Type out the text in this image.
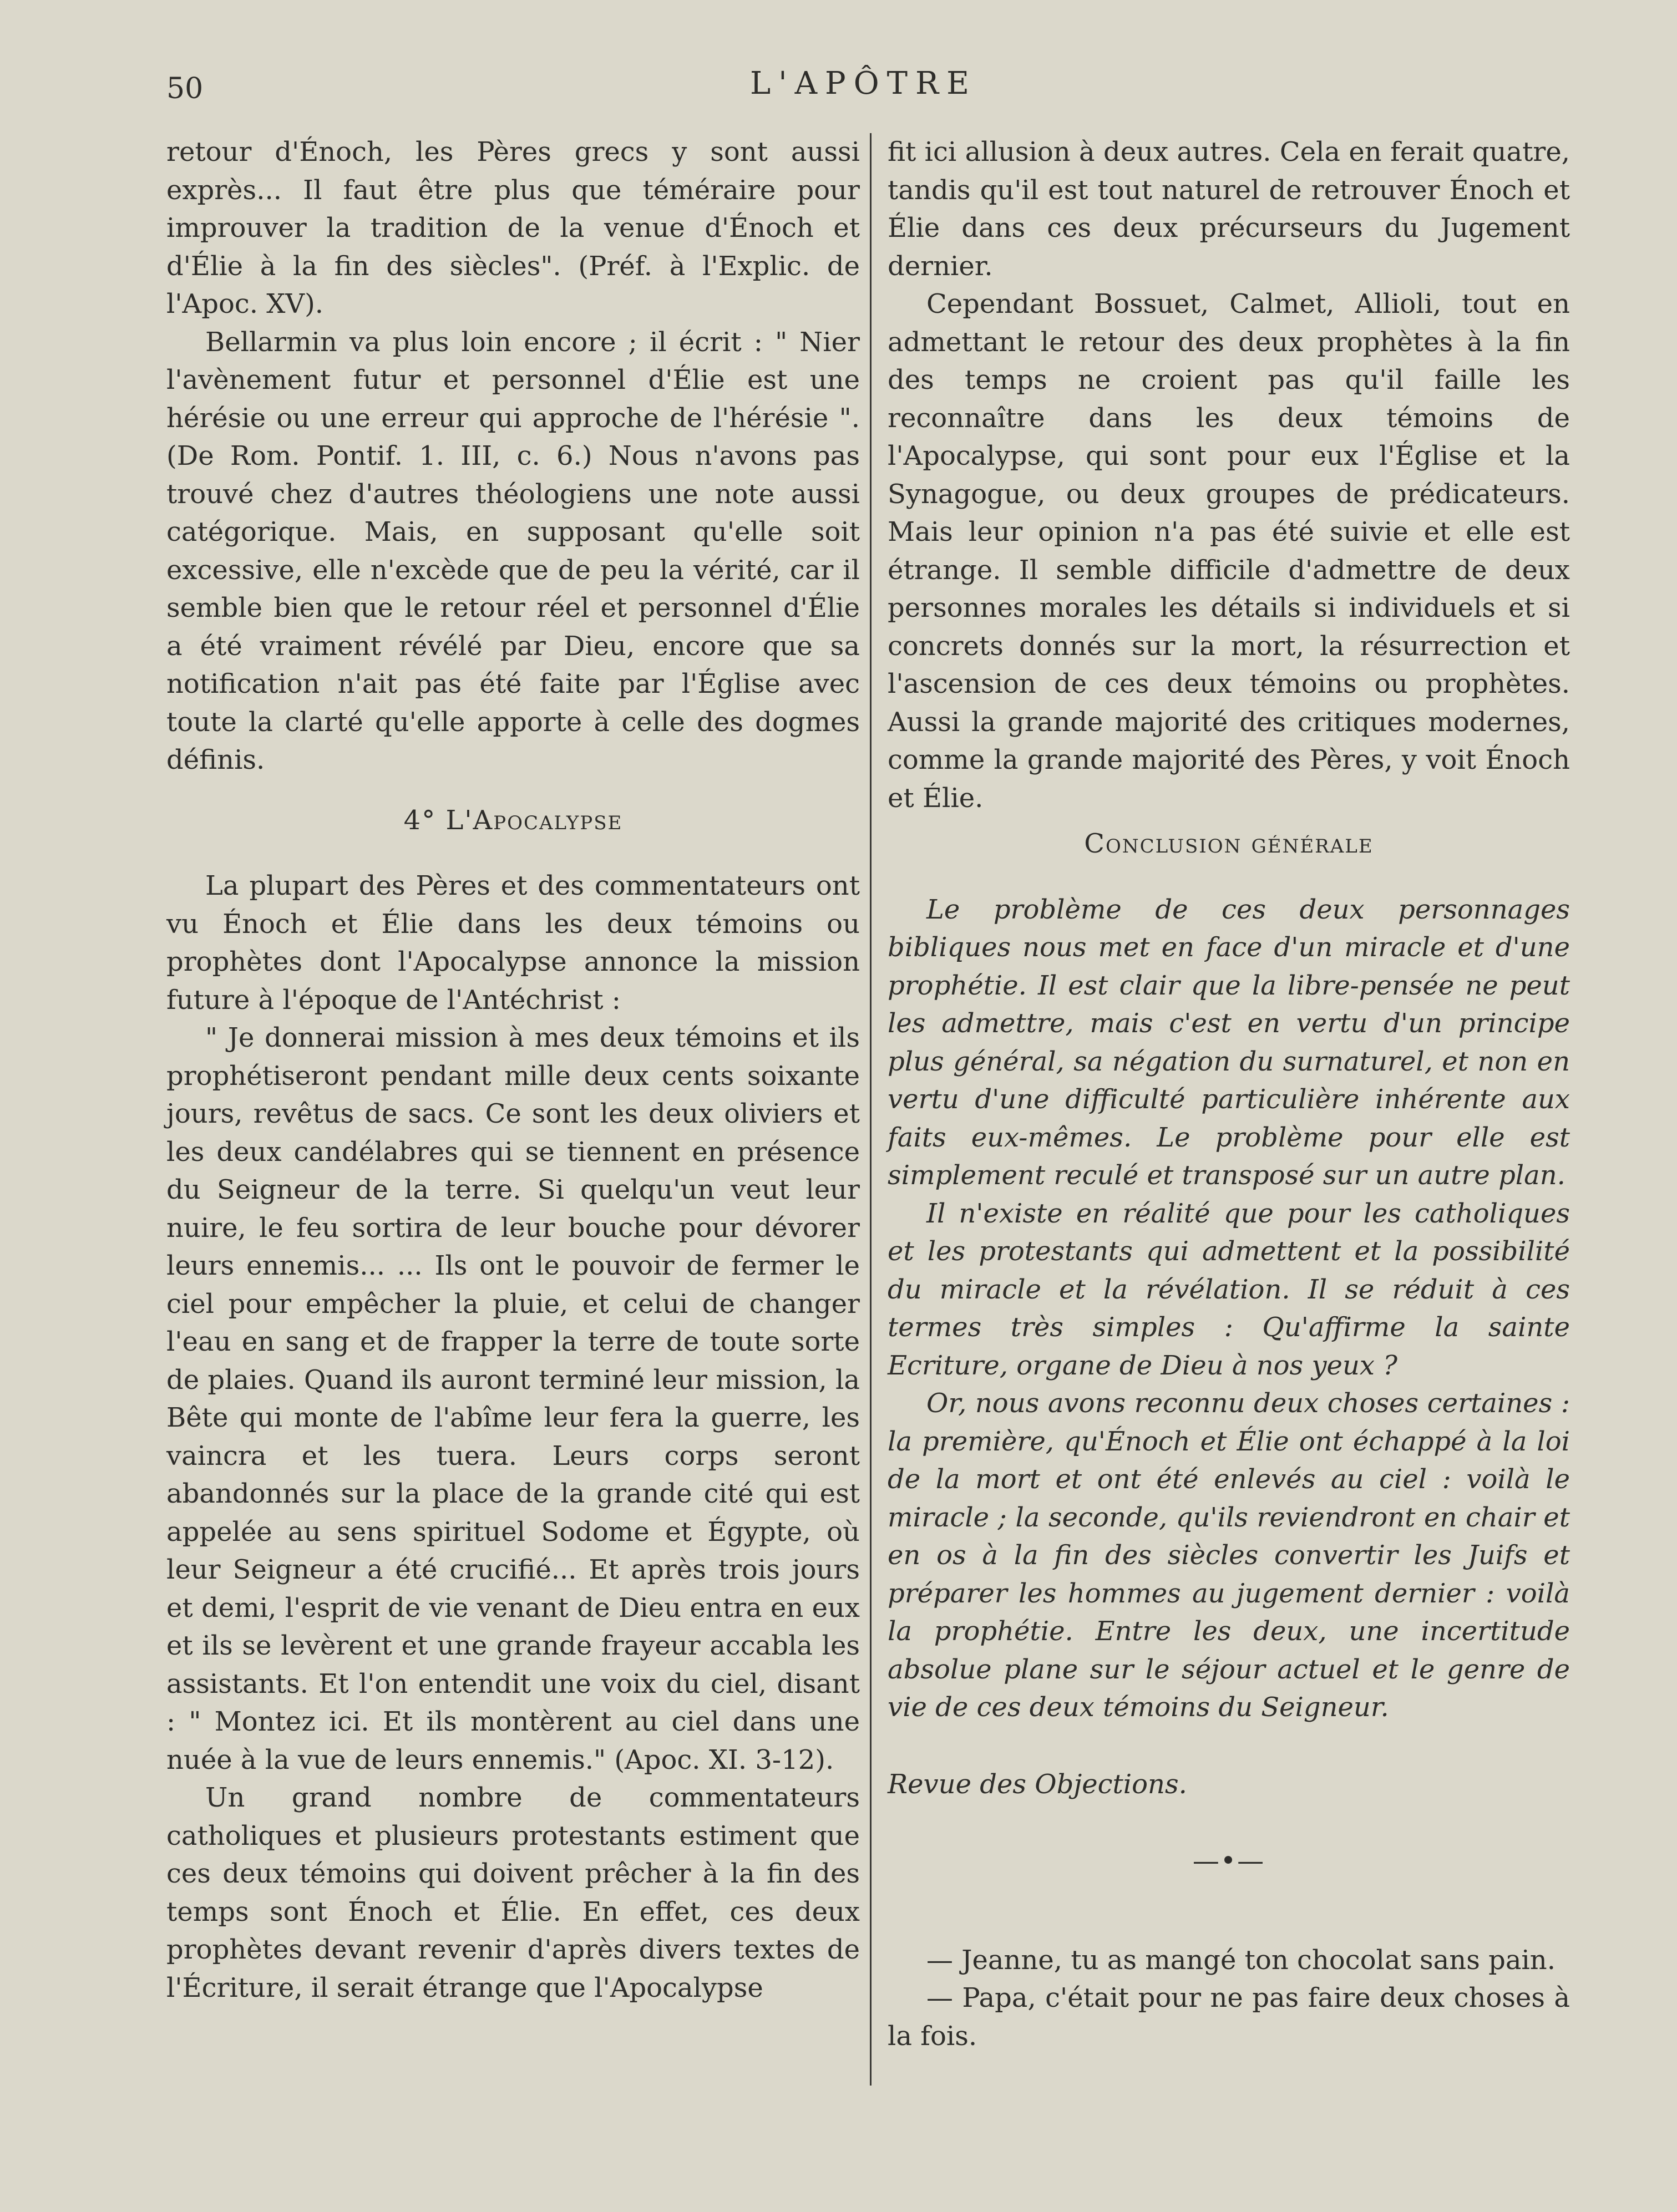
50	L'APÔTRE

retour d'Énoch, les Pères grecs y sont aussi exprès... Il faut être plus que téméraire pour improuver la tradition de la venue d'Énoch et d'Élie à la fin des siècles". (Préf. à l'Explic. de l'Apoc. XV).

Bellarmin va plus loin encore ; il écrit : " Nier l'avènement futur et personnel d'Élie est une hérésie ou une erreur qui approche de l'hérésie ". (De Rom. Pontif. 1. III, c. 6.) Nous n'avons pas trouvé chez d'autres théologiens une note aussi catégorique. Mais, en supposant qu'elle soit excessive, elle n'excède que de peu la vérité, car il semble bien que le retour réel et personnel d'Élie a été vraiment révélé par Dieu, encore que sa notification n'ait pas été faite par l'Église avec toute la clarté qu'elle apporte à celle des dogmes définis.

4° L'Apocalypse

La plupart des Pères et des commentateurs ont vu Énoch et Élie dans les deux témoins ou prophètes dont l'Apocalypse annonce la mission future à l'époque de l'Antéchrist :

" Je donnerai mission à mes deux témoins et ils prophétiseront pendant mille deux cents soixante jours, revêtus de sacs. Ce sont les deux oliviers et les deux candélabres qui se tiennent en présence du Seigneur de la terre. Si quelqu'un veut leur nuire, le feu sortira de leur bouche pour dévorer leurs ennemis... ... Ils ont le pouvoir de fermer le ciel pour empêcher la pluie, et celui de changer l'eau en sang et de frapper la terre de toute sorte de plaies. Quand ils auront terminé leur mission, la Bête qui monte de l'abîme leur fera la guerre, les vaincra et les tuera. Leurs corps seront abandonnés sur la place de la grande cité qui est appelée au sens spirituel Sodome et Égypte, où leur Seigneur a été crucifié... Et après trois jours et demi, l'esprit de vie venant de Dieu entra en eux et ils se levèrent et une grande frayeur accabla les assistants. Et l'on entendit une voix du ciel, disant : " Montez ici. Et ils montèrent au ciel dans une nuée à la vue de leurs ennemis." (Apoc. XI. 3-12).

Un grand nombre de commentateurs catholiques et plusieurs protestants estiment que ces deux témoins qui doivent prêcher à la fin des temps sont Énoch et Élie. En effet, ces deux prophètes devant revenir d'après divers textes de l'Écriture, il serait étrange que l'Apocalypse

fit ici allusion à deux autres. Cela en ferait quatre, tandis qu'il est tout naturel de retrouver Énoch et Élie dans ces deux précurseurs du Jugement dernier.

Cependant Bossuet, Calmet, Allioli, tout en admettant le retour des deux prophètes à la fin des temps ne croient pas qu'il faille les reconnaître dans les deux témoins de l'Apocalypse, qui sont pour eux l'Église et la Synagogue, ou deux groupes de prédicateurs. Mais leur opinion n'a pas été suivie et elle est étrange. Il semble difficile d'admettre de deux personnes morales les détails si individuels et si concrets donnés sur la mort, la résurrection et l'ascension de ces deux témoins ou prophètes. Aussi la grande majorité des critiques modernes, comme la grande majorité des Pères, y voit Énoch et Élie.

Conclusion générale

Le problème de ces deux personnages bibliques nous met en face d'un miracle et d'une prophétie. Il est clair que la libre-pensée ne peut les admettre, mais c'est en vertu d'un principe plus général, sa négation du surnaturel, et non en vertu d'une difficulté particulière inhérente aux faits eux-mêmes. Le problème pour elle est simplement reculé et transposé sur un autre plan.

Il n'existe en réalité que pour les catholiques et les protestants qui admettent et la possibilité du miracle et la révélation. Il se réduit à ces termes très simples : Qu'affirme la sainte Ecriture, organe de Dieu à nos yeux ?

Or, nous avons reconnu deux choses certaines : la première, qu'Énoch et Élie ont échappé à la loi de la mort et ont été enlevés au ciel : voilà le miracle ; la seconde, qu'ils reviendront en chair et en os à la fin des siècles convertir les Juifs et préparer les hommes au jugement dernier : voilà la prophétie. Entre les deux, une incertitude absolue plane sur le séjour actuel et le genre de vie de ces deux témoins du Seigneur.

Revue des Objections.

—•—

— Jeanne, tu as mangé ton chocolat sans pain.

— Papa, c'était pour ne pas faire deux choses à la fois.
